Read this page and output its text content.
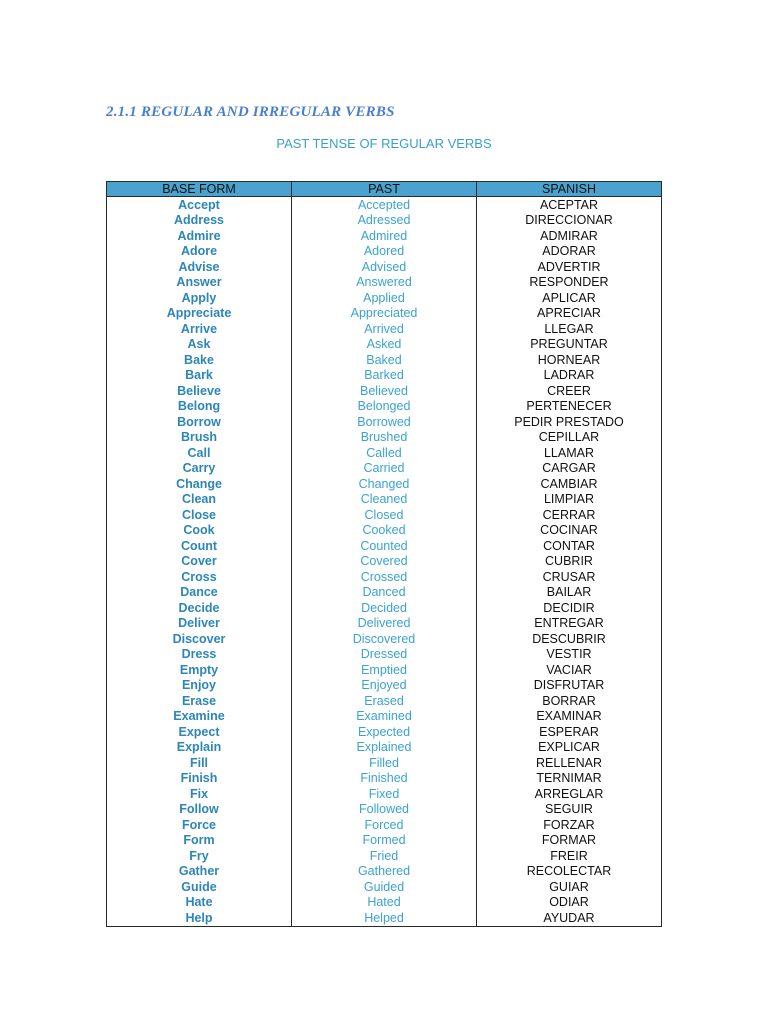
2.1.1 REGULAR AND IRREGULAR VERBS
PAST TENSE OF REGULAR VERBS
BASE FORM	PAST	SPANISH
Accept	Accepted	ACEPTAR
Address	Adressed	DIRECCIONAR
Admire	Admired	ADMIRAR
Adore	Adored	ADORAR
Advise	Advised	ADVERTIR
Answer	Answered	RESPONDER
Apply	Applied	APLICAR
Appreciate	Appreciated	APRECIAR
Arrive	Arrived	LLEGAR
Ask	Asked	PREGUNTAR
Bake	Baked	HORNEAR
Bark	Barked	LADRAR
Believe	Believed	CREER
Belong	Belonged	PERTENECER
Borrow	Borrowed	PEDIR PRESTADO
Brush	Brushed	CEPILLAR
Call	Called	LLAMAR
Carry	Carried	CARGAR
Change	Changed	CAMBIAR
Clean	Cleaned	LIMPIAR
Close	Closed	CERRAR
Cook	Cooked	COCINAR
Count	Counted	CONTAR
Cover	Covered	CUBRIR
Cross	Crossed	CRUSAR
Dance	Danced	BAILAR
Decide	Decided	DECIDIR
Deliver	Delivered	ENTREGAR
Discover	Discovered	DESCUBRIR
Dress	Dressed	VESTIR
Empty	Emptied	VACIAR
Enjoy	Enjoyed	DISFRUTAR
Erase	Erased	BORRAR
Examine	Examined	EXAMINAR
Expect	Expected	ESPERAR
Explain	Explained	EXPLICAR
Fill	Filled	RELLENAR
Finish	Finished	TERNIMAR
Fix	Fixed	ARREGLAR
Follow	Followed	SEGUIR
Force	Forced	FORZAR
Form	Formed	FORMAR
Fry	Fried	FREIR
Gather	Gathered	RECOLECTAR
Guide	Guided	GUIAR
Hate	Hated	ODIAR
Help	Helped	AYUDAR
